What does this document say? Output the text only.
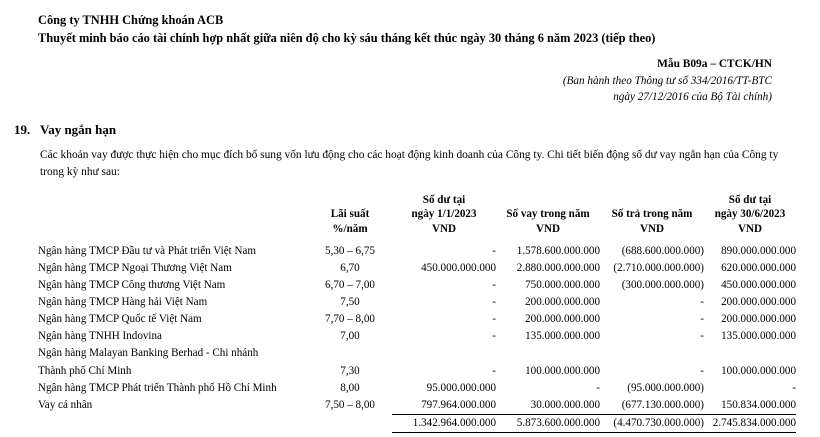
Công ty TNHH Chứng khoán ACB
Thuyết minh báo cáo tài chính hợp nhất giữa niên độ cho kỳ sáu tháng kết thúc ngày 30 tháng 6 năm 2023 (tiếp theo)
Mẫu B09a – CTCK/HN
(Ban hành theo Thông tư số 334/2016/TT-BTC
ngày 27/12/2016 của Bộ Tài chính)
19. Vay ngắn hạn
Các khoản vay được thực hiện cho mục đích bổ sung vốn lưu động cho các hoạt động kinh doanh của Công ty. Chi tiết biến động số dư vay ngắn hạn của Công ty trong kỳ như sau:

	Lãi suất
%/năm	Số dư tại
ngày 1/1/2023
VND	Số vay trong năm
VND	Số trả trong năm
VND	Số dư tại
ngày 30/6/2023
VND

Ngân hàng TMCP Đầu tư và Phát triển Việt Nam	5,30 – 6,75	-	1.578.600.000.000	(688.600.000.000)	890.000.000.000
Ngân hàng TMCP Ngoại Thương Việt Nam	6,70	450.000.000.000	2.880.000.000.000	(2.710.000.000.000)	620.000.000.000
Ngân hàng TMCP Công thương Việt Nam	6,70 – 7,00	-	750.000.000.000	(300.000.000.000)	450.000.000.000
Ngân hàng TMCP Hàng hải Việt Nam	7,50	-	200.000.000.000	-	200.000.000.000
Ngân hàng TMCP Quốc tế Việt Nam	7,70 – 8,00	-	200.000.000.000	-	200.000.000.000
Ngân hàng TNHH Indovina	7,00	-	135.000.000.000	-	135.000.000.000
Ngân hàng Malayan Banking Berhad - Chi nhánh					
Thành phố Chí Minh	7,30	-	100.000.000.000	-	100.000.000.000
Ngân hàng TMCP Phát triển Thành phố Hồ Chí Minh	8,00	95.000.000.000	-	(95.000.000.000)	-
Vay cá nhân	7,50 – 8,00	797.964.000.000	30.000.000.000	(677.130.000.000)	150.834.000.000
		1.342.964.000.000	5.873.600.000.000	(4.470.730.000.000)	2.745.834.000.000
